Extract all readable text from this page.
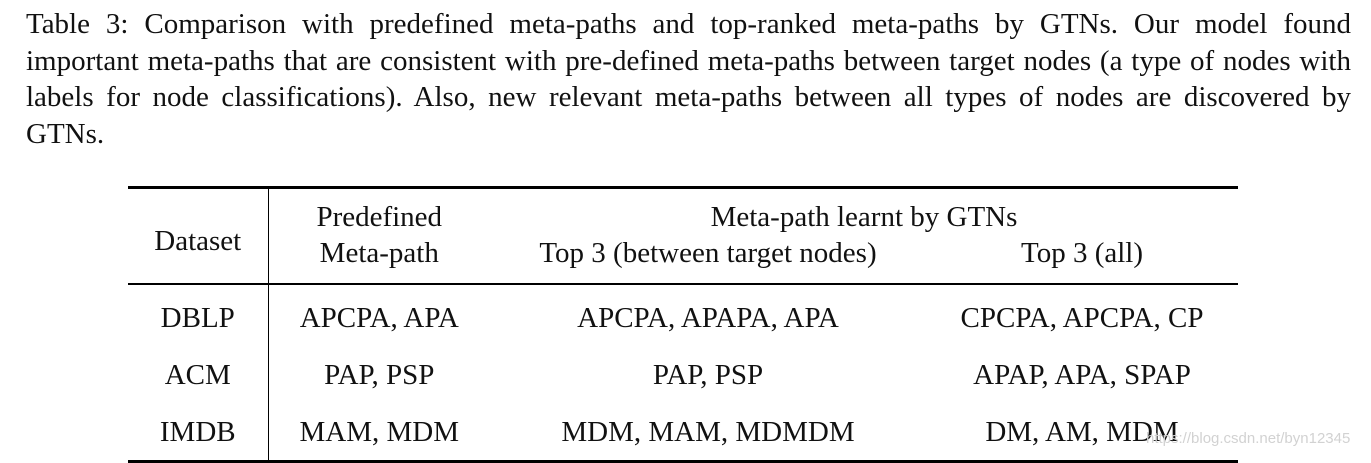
Table 3: Comparison with predefined meta-paths and top-ranked meta-paths by GTNs. Our model found important meta-paths that are consistent with pre-defined meta-paths between target nodes (a type of nodes with labels for node classifications). Also, new relevant meta-paths between all types of nodes are discovered by GTNs.
Dataset	Predefined	Meta-path learnt by GTNs	
	Meta-path	Top 3 (between target nodes)	Top 3 (all)
DBLP	APCPA, APA	APCPA, APAPA, APA	CPCPA, APCPA, CP
ACM	PAP, PSP	PAP, PSP	APAP, APA, SPAP
IMDB	MAM, MDM	MDM, MAM, MDMDM	DM, AM, MDM
https://blog.csdn.net/byn12345
